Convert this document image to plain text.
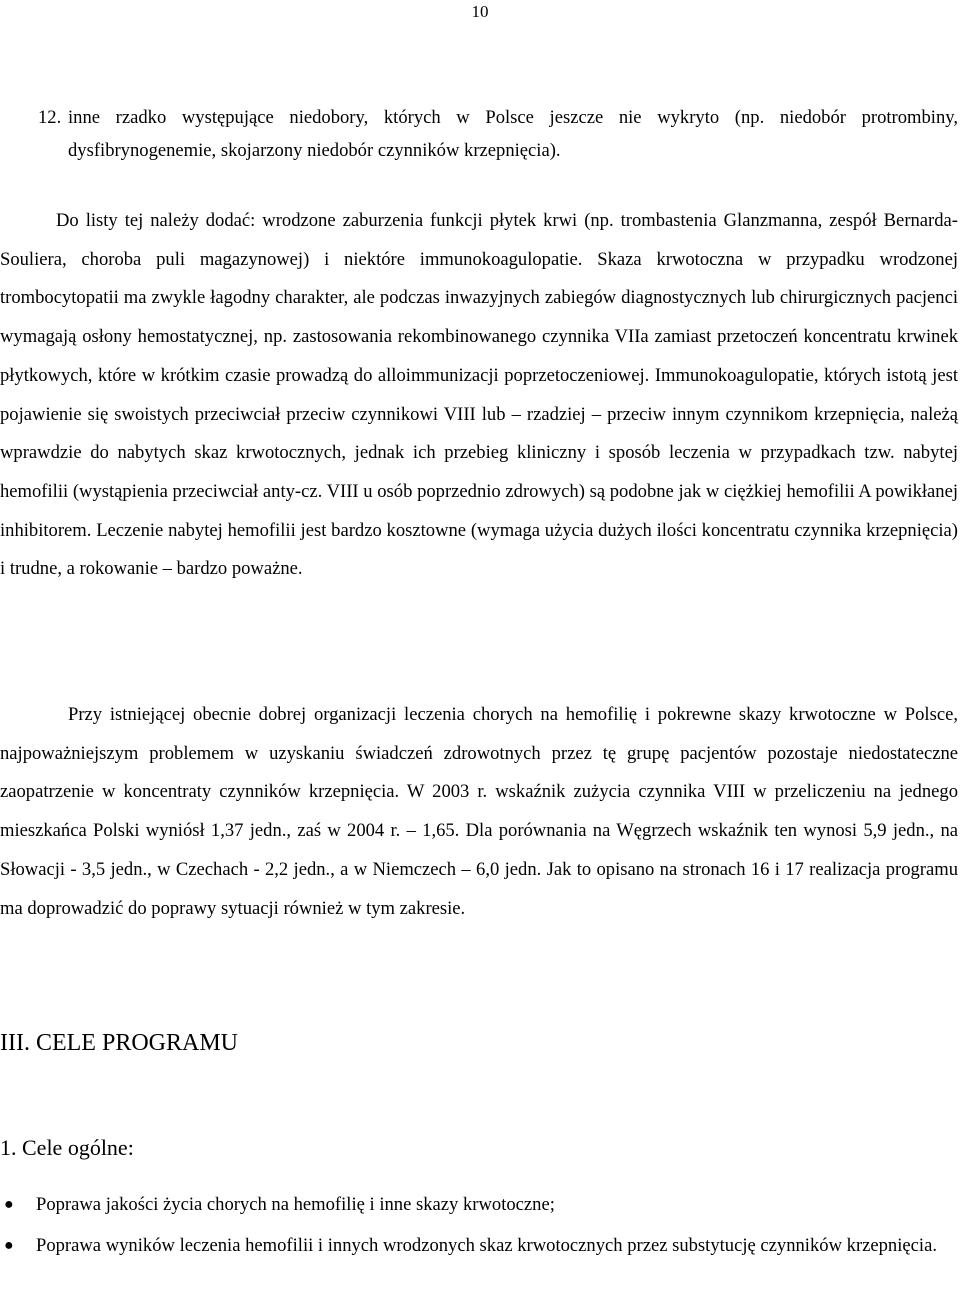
10
12. inne rzadko występujące niedobory, których w Polsce jeszcze nie wykryto (np. niedobór protrombiny, dysfibrynogenemie, skojarzony niedobór czynników krzepnięcia).

Do listy tej należy dodać: wrodzone zaburzenia funkcji płytek krwi (np. trombastenia Glanzmanna, zespół Bernarda-Souliera, choroba puli magazynowej) i niektóre immunokoagulopatie. Skaza krwotoczna w przypadku wrodzonej trombocytopatii ma zwykle łagodny charakter, ale podczas inwazyjnych zabiegów diagnostycznych lub chirurgicznych pacjenci wymagają osłony hemostatycznej, np. zastosowania rekombinowanego czynnika VIIa zamiast przetoczeń koncentratu krwinek płytkowych, które w krótkim czasie prowadzą do alloimmunizacji poprzetoczeniowej. Immunokoagulopatie, których istotą jest pojawienie się swoistych przeciwciał przeciw czynnikowi VIII lub – rzadziej – przeciw innym czynnikom krzepnięcia, należą wprawdzie do nabytych skaz krwotocznych, jednak ich przebieg kliniczny i sposób leczenia w przypadkach tzw. nabytej hemofilii (wystąpienia przeciwciał anty-cz. VIII u osób poprzednio zdrowych) są podobne jak w ciężkiej hemofilii A powikłanej inhibitorem. Leczenie nabytej hemofilii jest bardzo kosztowne (wymaga użycia dużych ilości koncentratu czynnika krzepnięcia) i trudne, a rokowanie – bardzo poważne.

Przy istniejącej obecnie dobrej organizacji leczenia chorych na hemofilię i pokrewne skazy krwotoczne w Polsce, najpoważniejszym problemem w uzyskaniu świadczeń zdrowotnych przez tę grupę pacjentów pozostaje niedostateczne zaopatrzenie w koncentraty czynników krzepnięcia. W 2003 r. wskaźnik zużycia czynnika VIII w przeliczeniu na jednego mieszkańca Polski wyniósł 1,37 jedn., zaś w 2004 r. – 1,65. Dla porównania na Węgrzech wskaźnik ten wynosi 5,9 jedn., na Słowacji - 3,5 jedn., w Czechach - 2,2 jedn., a w Niemczech – 6,0 jedn. Jak to opisano na stronach 16 i 17 realizacja programu ma doprowadzić do poprawy sytuacji również w tym zakresie.

III. CELE PROGRAMU
1. Cele ogólne:
● Poprawa jakości życia chorych na hemofilię i inne skazy krwotoczne;
● Poprawa wyników leczenia hemofilii i innych wrodzonych skaz krwotocznych przez substytucję czynników krzepnięcia.
